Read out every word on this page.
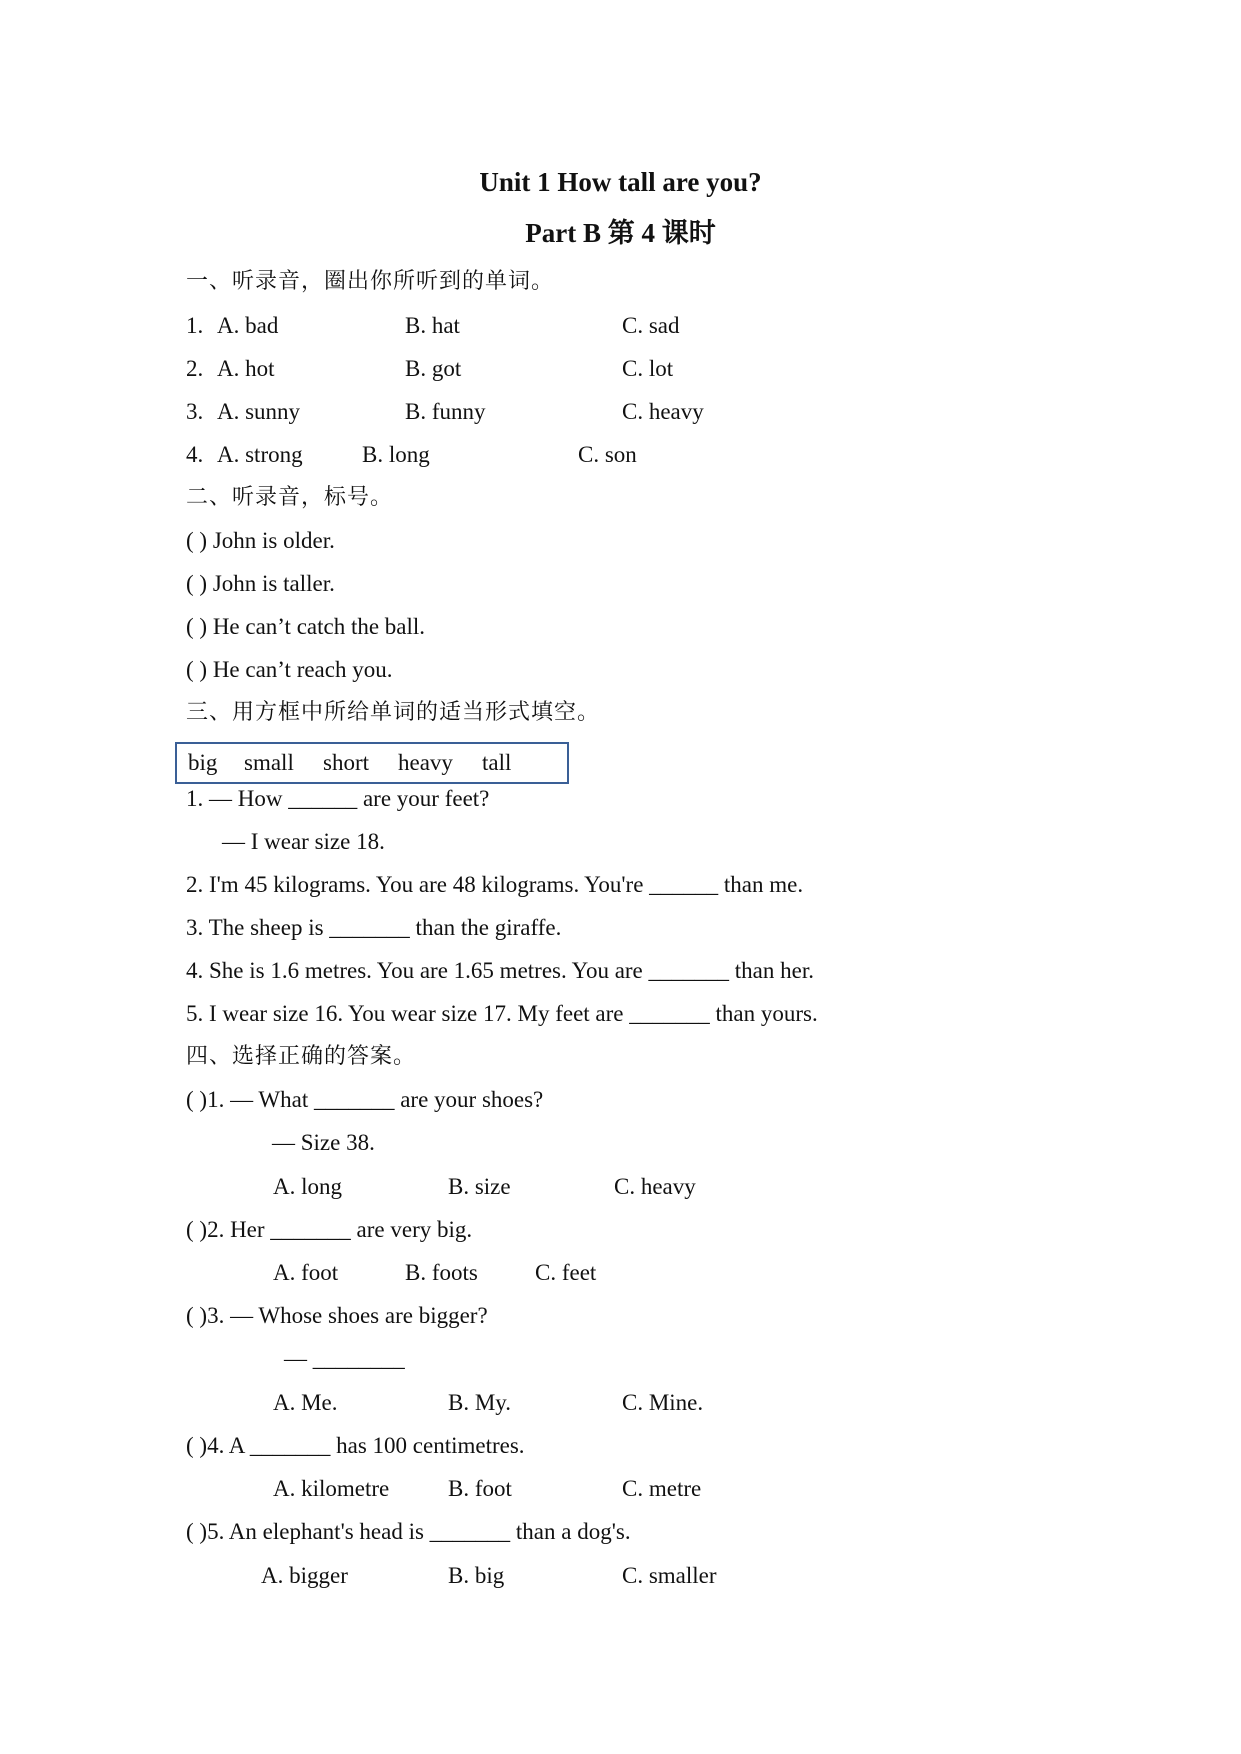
Unit 1 How tall are you?
Part B 第 4 课时
一、听录音，圈出你所听到的单词。
1. A. bad	B. hat	C. sad
2. A. hot	B. got	C. lot
3. A. sunny	B. funny	C. heavy
4. A. strong	B. long	C. son
二、听录音，标号。
( ) John is older.
( ) John is taller.
( ) He can’t catch the ball.
( ) He can’t reach you.
三、用方框中所给单词的适当形式填空。
big small short heavy tall
1. — How ______ are your feet?
— I wear size 18.
2. I'm 45 kilograms. You are 48 kilograms. You're ______ than me.
3. The sheep is _______ than the giraffe.
4. She is 1.6 metres. You are 1.65 metres. You are _______ than her.
5. I wear size 16. You wear size 17. My feet are _______ than yours.
四、选择正确的答案。
( )1. — What _______ are your shoes?
— Size 38.
A. long	B. size	C. heavy
( )2. Her _______ are very big.
A. foot	B. foots C. feet
( )3. — Whose shoes are bigger?
— ________
A. Me.	B. My.	C. Mine.
( )4. A _______ has 100 centimetres.
A. kilometre	B. foot	C. metre
( )5. An elephant's head is _______ than a dog's.
A. bigger	B. big	C. smaller
